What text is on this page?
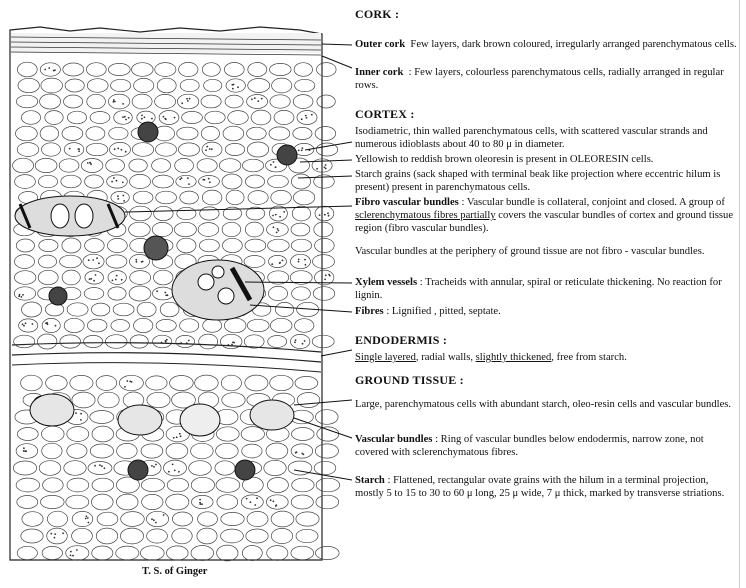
CORK :
Outer cork Few layers, dark brown coloured, irregularly arranged parenchymatous cells.
Inner cork : Few layers, colourless parenchymatous cells, radially arranged in regular rows.
CORTEX :
Isodiametric, thin walled parenchymatous cells, with scattered vascular strands and numerous idioblasts about 40 to 80 μ in diameter.
Yellowish to reddish brown oleoresin is present in OLEORESIN cells.
Starch grains (sack shaped with terminal beak like projection where eccentric hilum is present) present in parenchymatous cells.
Fibro vascular bundles : Vascular bundle is collateral, conjoint and closed. A group of sclerenchymatous fibres partially covers the vascular bundles of cortex and ground tissue region (fibro vascular bundles).
Vascular bundles at the periphery of ground tissue are not fibro - vascular bundles.
Xylem vessels : Tracheids with annular, spiral or reticulate thickening. No reaction for lignin.
Fibres : Lignified , pitted, septate.
ENDODERMIS :
Single layered, radial walls, slightly thickened, free from starch.
GROUND TISSUE :
Large, parenchymatous cells with abundant starch, oleo-resin cells and vascular bundles.
Vascular bundles : Ring of vascular bundles below endodermis, narrow zone, not covered with sclerenchymatous fibres.
Starch : Flattened, rectangular ovate grains with the hilum in a terminal projection, mostly 5 to 15 to 30 to 60 μ long, 25 μ wide, 7 μ thick, marked by transverse striations.
T. S. of Ginger
